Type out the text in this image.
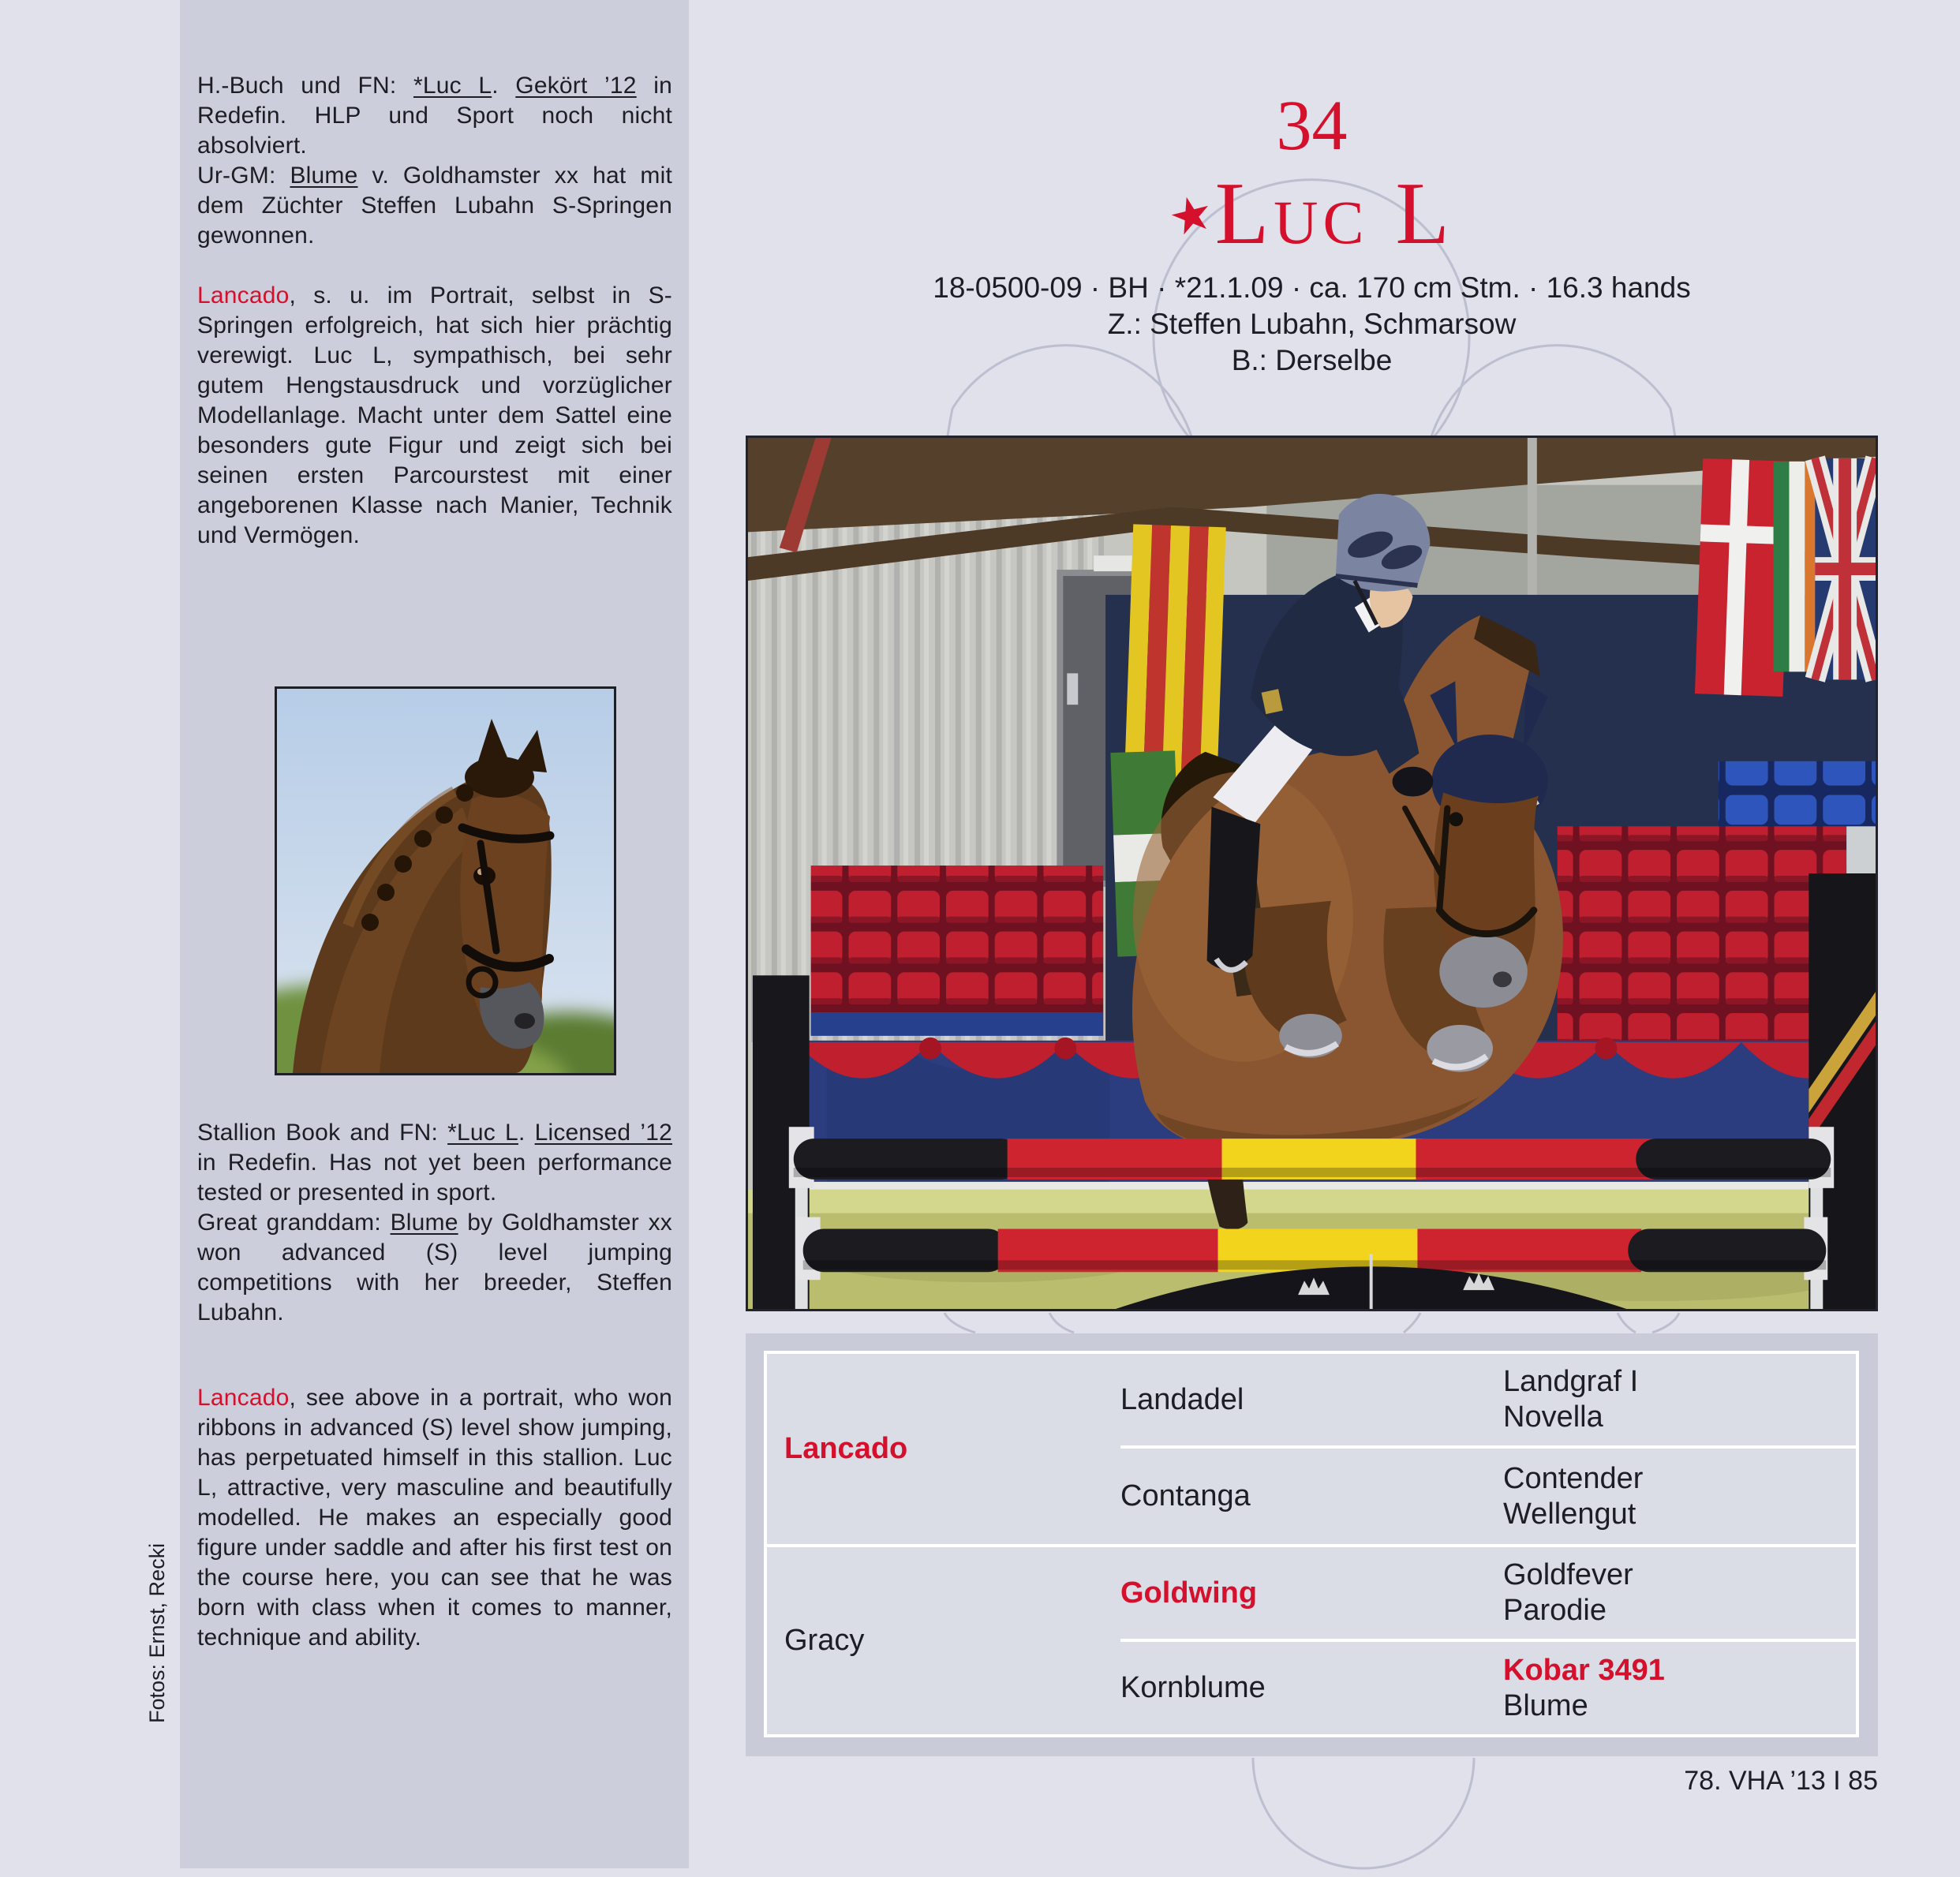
Fotos: Ernst, Recki
H.-Buch und FN: *Luc L. Gekört ’12 in Redefin. HLP und Sport noch nicht absolviert.
Ur-GM: Blume v. Goldhamster xx hat mit dem Züchter Steffen Lubahn S-Springen gewonnen.
Lancado, s. u. im Portrait, selbst in S-Springen erfolgreich, hat sich hier prächtig verewigt. Luc L, sympathisch, bei sehr gutem Hengstausdruck und vorzüglicher Modellanlage. Macht unter dem Sattel eine besonders gute Figur und zeigt sich bei seinen ersten Parcourstest mit einer angeborenen Klasse nach Manier, Technik und Vermögen.
Stallion Book and FN: *Luc L. Licensed ’12 in Redefin. Has not yet been performance tested or presented in sport.
Great granddam: Blume by Goldhamster xx won advanced (S) level jumping competitions with her breeder, Steffen Lubahn.
Lancado, see above in a portrait, who won ribbons in advanced (S) level show jumping, has perpetuated himself in this stallion. Luc L, attractive, very masculine and beautifully modelled. He makes an especially good figure under saddle and after his first test on the course here, you can see that he was born with class when it comes to manner, technique and ability.
34
★Luc L
18-0500-09 · BH · *21.1.09 · ca. 170 cm Stm. · 16.3 hands
Z.: Steffen Lubahn, Schmarsow
B.: Derselbe
Lancado
Gracy
Landadel
Contanga
Goldwing
Kornblume
Landgraf I
Novella
Contender
Wellengut
Goldfever
Parodie
Kobar 3491
Blume
78. VHA ’13 I 85
